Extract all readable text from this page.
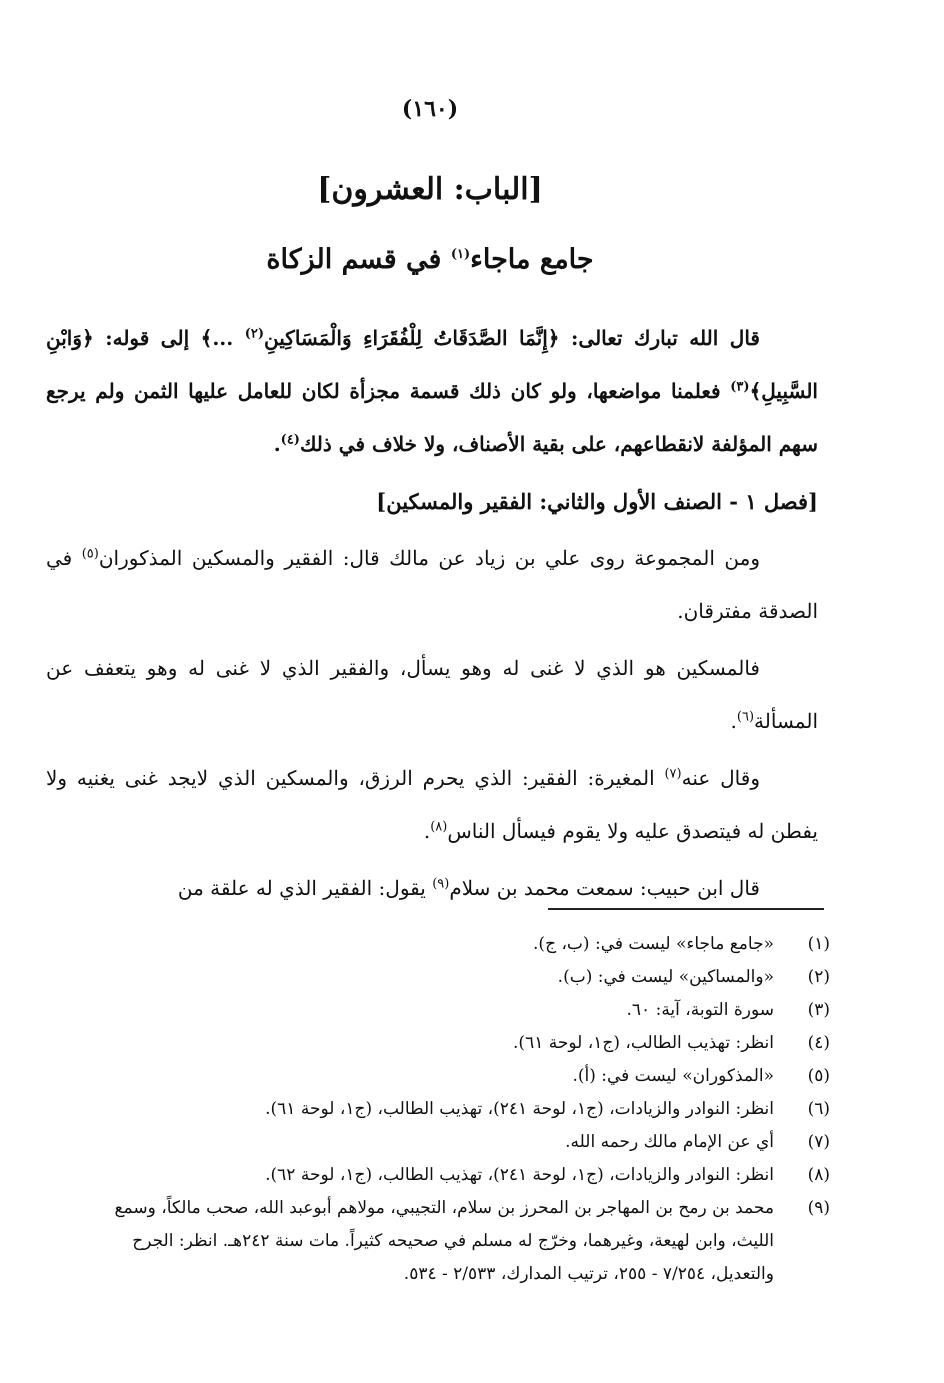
(١٦٠)
[الباب: العشرون]
جامع ماجاء$^{(١)}$ في قسم الزكاة

قال الله تبارك تعالى: ﴿إِنَّمَا الصَّدَقَاتُ لِلْفُقَرَاءِ وَالْمَسَاكِينِ$^{(٢)}$ ...﴾ إلى قوله: ﴿وَابْنِ السَّبِيلِ﴾$^{(٣)}$ فعلمنا مواضعها، ولو كان ذلك قسمة مجزأة لكان للعامل عليها الثمن ولم يرجع سهم المؤلفة لانقطاعهم، على بقية الأصناف، ولا خلاف في ذلك$^{(٤)}$.

[فصل ١ - الصنف الأول والثاني: الفقير والمسكين]

ومن المجموعة روى علي بن زياد عن مالك قال: الفقير والمسكين المذكوران$^{(٥)}$ في الصدقة مفترقان.

فالمسكين هو الذي لا غنى له وهو يسأل، والفقير الذي لا غنى له وهو يتعفف عن المسألة$^{(٦)}$.

وقال عنه$^{(٧)}$ المغيرة: الفقير: الذي يحرم الرزق، والمسكين الذي لايجد غنى يغنيه ولا يفطن له فيتصدق عليه ولا يقوم فيسأل الناس$^{(٨)}$.

قال ابن حبيب: سمعت محمد بن سلام$^{(٩)}$ يقول: الفقير الذي له علقة من

(١)
«جامع ماجاء» ليست في: (ب، ج).
(٢)
«والمساكين» ليست في: (ب).
(٣)
سورة التوبة، آية: ٦٠.
(٤)
انظر: تهذيب الطالب، (ج١، لوحة ٦١).
(٥)
«المذكوران» ليست في: (أ).
(٦)
انظر: النوادر والزيادات، (ج١، لوحة ٢٤١)، تهذيب الطالب، (ج١، لوحة ٦١).
(٧)
أي عن الإمام مالك رحمه الله.
(٨)
انظر: النوادر والزيادات، (ج١، لوحة ٢٤١)، تهذيب الطالب، (ج١، لوحة ٦٢).
(٩)
محمد بن رمح بن المهاجر بن المحرز بن سلام، التجيبي، مولاهم أبوعبد الله، صحب مالكاً، وسمع الليث، وابن لهيعة، وغيرهما، وخرّج له مسلم في صحيحه كثيراً. مات سنة ٢٤٢هـ. انظر: الجرح والتعديل، ٧/٢٥٤ - ٢٥٥، ترتيب المدارك، ٢/٥٣٣ - ٥٣٤.
